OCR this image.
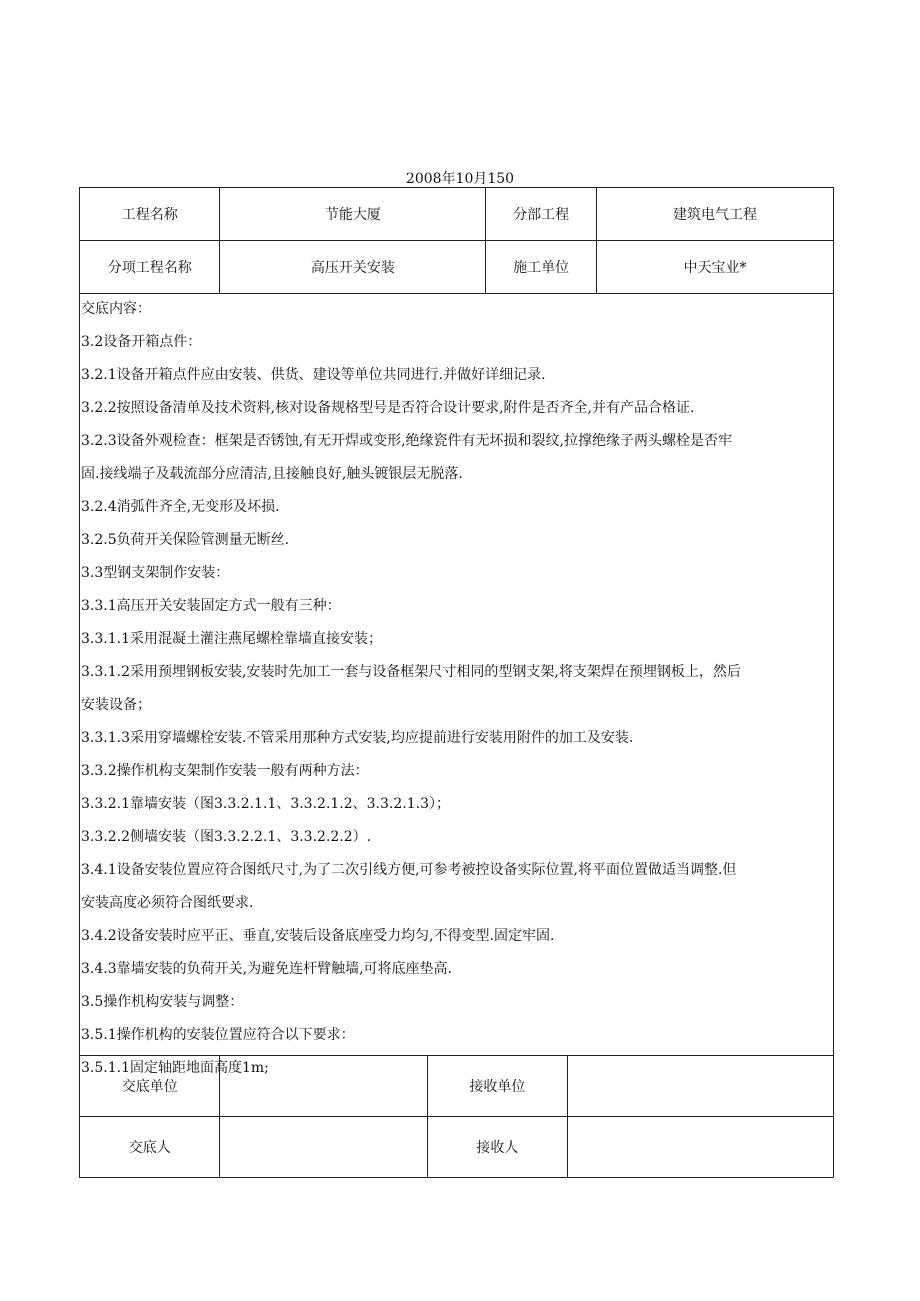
2008年10月150
工程名称	节能大厦	分部工程	建筑电气工程
分项工程名称	高压开关安装	施工单位	中天宝业*
交底内容：
3.2设备开箱点件：
3.2.1设备开箱点件应由安装、供货、建设等单位共同进行.并做好详细记录.
3.2.2按照设备清单及技术资料,核对设备规格型号是否符合设计要求,附件是否齐全,并有产品合格证.
3.2.3设备外观检查：框架是否锈蚀,有无开焊或变形,绝缘瓷件有无坏损和裂纹,拉撑绝缘子两头螺栓是否牢
固.接线端子及载流部分应清洁,且接触良好,触头镀银层无脱落.
3.2.4消弧件齐全,无变形及坏损.
3.2.5负荷开关保险管测量无断丝.
3.3型钢支架制作安装：
3.3.1高压开关安装固定方式一般有三种：
3.3.1.1采用混凝土灌注燕尾螺栓靠墙直接安装；
3.3.1.2采用预埋钢板安装,安装时先加工一套与设备框架尺寸相同的型钢支架,将支架焊在预埋钢板上，然后
安装设备；
3.3.1.3采用穿墙螺栓安装.不管采用那种方式安装,均应提前进行安装用附件的加工及安装.
3.3.2操作机构支架制作安装一般有两种方法：
3.3.2.1靠墙安装（图3.3.2.1.1、3.3.2.1.2、3.3.2.1.3）；
3.3.2.2侧墙安装（图3.3.2.2.1、3.3.2.2.2）.
3.4.1设备安装位置应符合图纸尺寸,为了二次引线方便,可参考被控设备实际位置,将平面位置做适当调整.但
安装高度必须符合图纸要求.
3.4.2设备安装时应平正、垂直,安装后设备底座受力均匀,不得变型.固定牢固.
3.4.3靠墙安装的负荷开关,为避免连杆臂触墙,可将底座垫高.
3.5操作机构安装与调整：
3.5.1操作机构的安装位置应符合以下要求：
3.5.1.1固定轴距地面高度1m;
交底单位		接收单位	
交底人		接收人	
